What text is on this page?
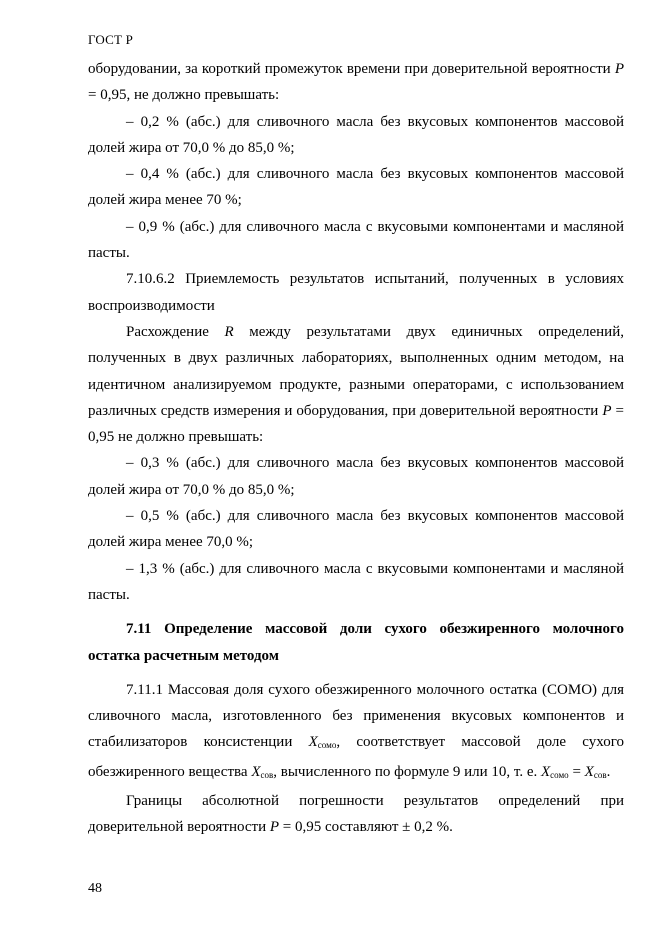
ГОСТ Р

оборудовании, за короткий промежуток времени при доверительной вероятности P = 0,95, не должно превышать:

– 0,2 % (абс.) для сливочного масла без вкусовых компонентов массовой долей жира от 70,0 % до 85,0 %;

– 0,4 % (абс.) для сливочного масла без вкусовых компонентов массовой долей жира менее 70 %;

– 0,9 % (абс.) для сливочного масла с вкусовыми компонентами и масляной пасты.

7.10.6.2 Приемлемость результатов испытаний, полученных в условиях воспроизводимости

Расхождение R между результатами двух единичных определений, полученных в двух различных лабораториях, выполненных одним методом, на идентичном анализируемом продукте, разными операторами, с использованием различных средств измерения и оборудования, при доверительной вероятности P = 0,95 не должно превышать:

– 0,3 % (абс.) для сливочного масла без вкусовых компонентов массовой долей жира от 70,0 % до 85,0 %;

– 0,5 % (абс.) для сливочного масла без вкусовых компонентов массовой долей жира менее 70,0 %;

– 1,3 % (абс.) для сливочного масла с вкусовыми компонентами и масляной пасты.

7.11 Определение массовой доли сухого обезжиренного молочного остатка расчетным методом

7.11.1 Массовая доля сухого обезжиренного молочного остатка (СОМО) для сливочного масла, изготовленного без применения вкусовых компонентов и стабилизаторов консистенции $X_{сомо}$, соответствует массовой доле сухого обезжиренного вещества $X_{сов}$, вычисленного по формуле 9 или 10, т. е. $X_{сомо} = X_{сов}$.

Границы абсолютной погрешности результатов определений при доверительной вероятности P = 0,95 составляют ± 0,2 %.

48
